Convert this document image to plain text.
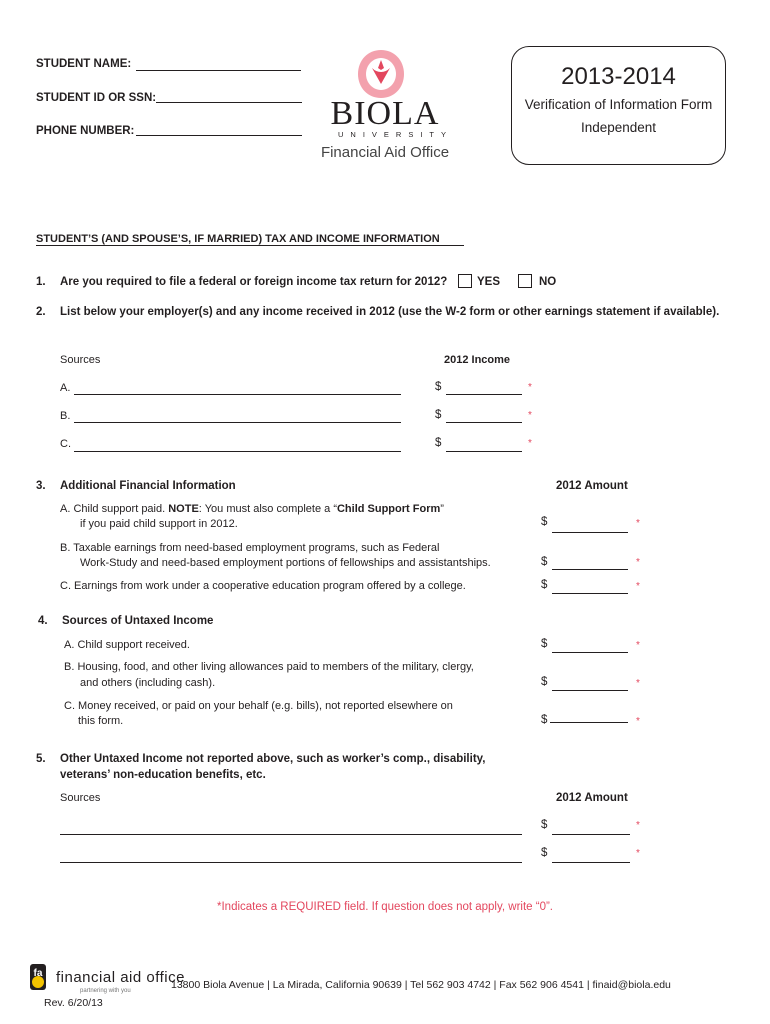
STUDENT NAME:
STUDENT ID OR SSN:
PHONE NUMBER:	BIOLA
UNIVERSITY
Financial Aid Office
2013-2014
Verification of Information Form
Independent
STUDENT’S (AND SPOUSE’S, IF MARRIED) TAX AND INCOME INFORMATION
1. Are you required to file a federal or foreign income tax return for 2012?	YES	NO
2. List below your employer(s) and any income received in 2012 (use the W-2 form or other earnings statement if available).
Sources	2012 Income
A.	$	*
B.	$	*
C.	$	*
3. Additional Financial Information	2012 Amount
A. Child support paid. NOTE: You must also complete a “Child Support Form”
if you paid child support in 2012.	$	*
B. Taxable earnings from need-based employment programs, such as Federal
Work-Study and need-based employment portions of fellowships and assistantships.	$	*
C. Earnings from work under a cooperative education program offered by a college.	$	*
4. Sources of Untaxed Income
A. Child support received.	$	*
B. Housing, food, and other living allowances paid to members of the military, clergy,
and others (including cash).	$	*
C. Money received, or paid on your behalf (e.g. bills), not reported elsewhere on
this form.	$	*
5. Other Untaxed Income not reported above, such as worker’s comp., disability,
veterans’ non-education benefits, etc.
Sources	2012 Amount
$	*
$	*
*Indicates a REQUIRED field. If question does not apply, write “0”.
fa financial aid office
partnering with you	13800 Biola Avenue | La Mirada, California 90639 | Tel 562 903 4742 | Fax 562 906 4541 | finaid@biola.edu
Rev. 6/20/13
